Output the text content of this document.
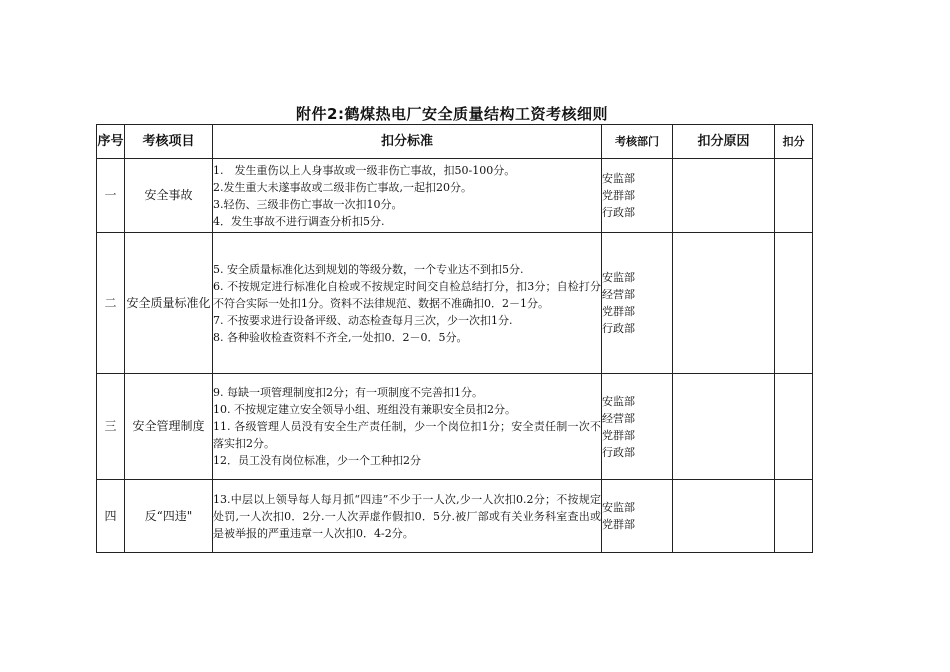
附件2:鹤煤热电厂安全质量结构工资考核细则
序号	考核项目	扣分标准	考核部门	扣分原因	扣分
一	安全事故	1.　发生重伤以上人身事故或一级非伤亡事故，扣50-100分。
2.发生重大未遂事故或二级非伤亡事故,一起扣20分。
3.轻伤、三级非伤亡事故一次扣10分。
4．发生事故不进行调查分析扣5分.	安监部
党群部
行政部		

二	安全质量标准化	5. 安全质量标准化达到规划的等级分数，一个专业达不到扣5分.
6. 不按规定进行标准化自检或不按规定时间交自检总结打分，扣3分；自检打分不符合实际一处扣1分。资料不法律规范、数据不准确扣0．2－1分。
7. 不按要求进行设备评级、动态检查每月三次，少一次扣1分.
8. 各种验收检查资料不齐全,一处扣0．2－0．5分。	安监部
经营部
党群部
行政部		

三	安全管理制度	9. 每缺一项管理制度扣2分；有一项制度不完善扣1分。
10. 不按规定建立安全领导小组、班组没有兼职安全员扣2分。
11. 各级管理人员没有安全生产责任制，少一个岗位扣1分；安全责任制一次不落实扣2分。
12．员工没有岗位标准，少一个工种扣2分	安监部
经营部
党群部
行政部		

四	反“四违"	13.中层以上领导每人每月抓“四违”不少于一人次,少一人次扣0.2分；不按规定处罚,一人次扣0．2分.一人次弄虚作假扣0．5分.被厂部或有关业务科室查出或是被举报的严重违章一人次扣0．4-2分。	安监部
党群部		
